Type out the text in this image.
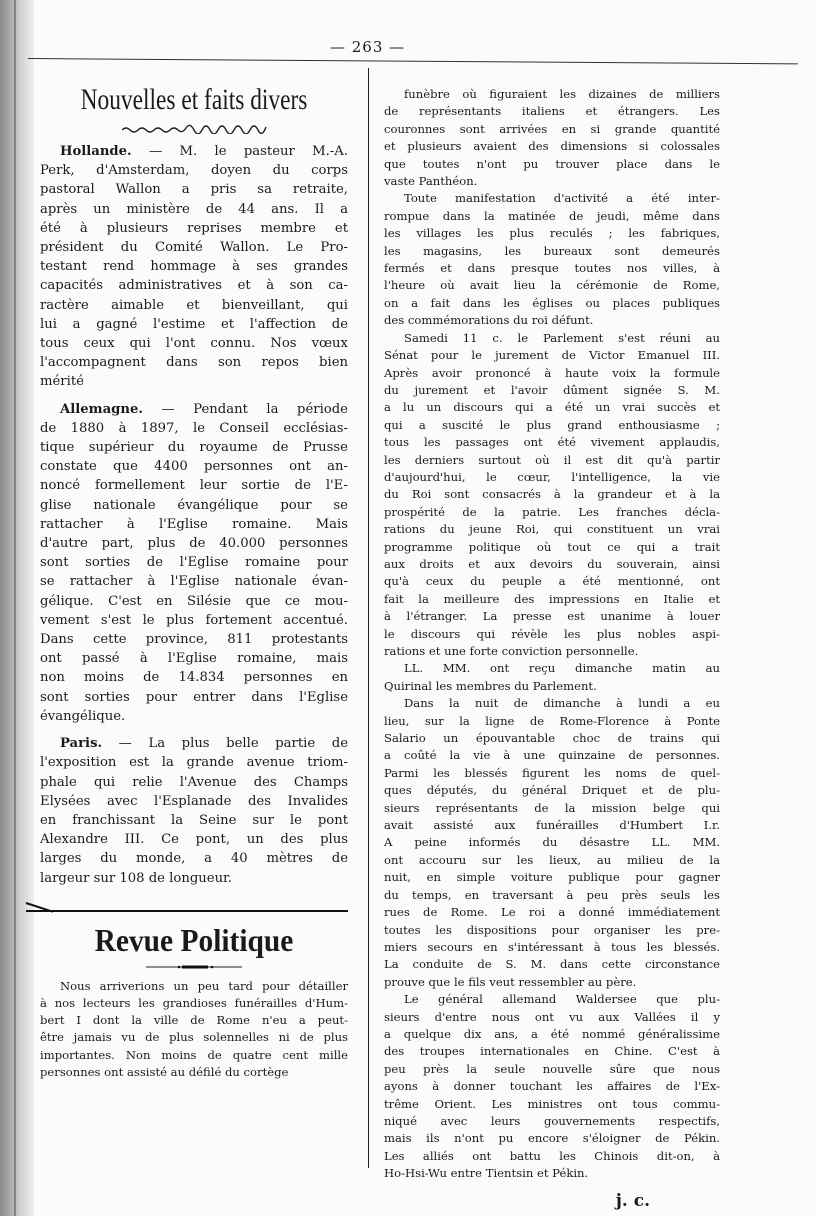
— 263 —
Nouvelles et faits divers
Hollande. — M. le pasteur M.-A.
Perk, d'Amsterdam, doyen du corps
pastoral Wallon a pris sa retraite,
après un ministère de 44 ans. Il a
été à plusieurs reprises membre et
président du Comité Wallon. Le Pro-
testant rend hommage à ses grandes
capacités administratives et à son ca-
ractère aimable et bienveillant, qui
lui a gagné l'estime et l'affection de
tous ceux qui l'ont connu. Nos vœux
l'accompagnent dans son repos bien
mérité
Allemagne. — Pendant la période
de 1880 à 1897, le Conseil ecclésias-
tique supérieur du royaume de Prusse
constate que 4400 personnes ont an-
noncé formellement leur sortie de l'E-
glise nationale évangélique pour se
rattacher à l'Eglise romaine. Mais
d'autre part, plus de 40.000 personnes
sont sorties de l'Eglise romaine pour
se rattacher à l'Eglise nationale évan-
gélique. C'est en Silésie que ce mou-
vement s'est le plus fortement accentué.
Dans cette province, 811 protestants
ont passé à l'Eglise romaine, mais
non moins de 14.834 personnes en
sont sorties pour entrer dans l'Eglise
évangélique.
Paris. — La plus belle partie de
l'exposition est la grande avenue triom-
phale qui relie l'Avenue des Champs
Elysées avec l'Esplanade des Invalides
en franchissant la Seine sur le pont
Alexandre III. Ce pont, un des plus
larges du monde, a 40 mètres de
largeur sur 108 de longueur.
Revue Politique
Nous arriverions un peu tard pour détailler
à nos lecteurs les grandioses funérailles d'Hum-
bert I dont la ville de Rome n'eu a peut-
être jamais vu de plus solennelles ni de plus
importantes. Non moins de quatre cent mille
personnes ont assisté au défilé du cortège
funèbre où figuraient les dizaines de milliers
de représentants italiens et étrangers. Les
couronnes sont arrivées en si grande quantité
et plusieurs avaient des dimensions si colossales
que toutes n'ont pu trouver place dans le
vaste Panthéon.
Toute manifestation d'activité a été inter-
rompue dans la matinée de jeudi, même dans
les villages les plus reculés ; les fabriques,
les magasins, les bureaux sont demeurés
fermés et dans presque toutes nos villes, à
l'heure où avait lieu la cérémonie de Rome,
on a fait dans les églises ou places publiques
des commémorations du roi défunt.
Samedi 11 c. le Parlement s'est réuni au
Sénat pour le jurement de Victor Emanuel III.
Après avoir prononcé à haute voix la formule
du jurement et l'avoir dûment signée S. M.
a lu un discours qui a été un vrai succès et
qui a suscité le plus grand enthousiasme ;
tous les passages ont été vivement applaudis,
les derniers surtout où il est dit qu'à partir
d'aujourd'hui, le cœur, l'intelligence, la vie
du Roi sont consacrés à la grandeur et à la
prospérité de la patrie. Les franches décla-
rations du jeune Roi, qui constituent un vrai
programme politique où tout ce qui a trait
aux droits et aux devoirs du souverain, ainsi
qu'à ceux du peuple a été mentionné, ont
fait la meilleure des impressions en Italie et
à l'étranger. La presse est unanime à louer
le discours qui révèle les plus nobles aspi-
rations et une forte conviction personnelle.
LL. MM. ont reçu dimanche matin au
Quirinal les membres du Parlement.
Dans la nuit de dimanche à lundi a eu
lieu, sur la ligne de Rome-Florence à Ponte
Salario un épouvantable choc de trains qui
a coûté la vie à une quinzaine de personnes.
Parmi les blessés figurent les noms de quel-
ques députés, du général Driquet et de plu-
sieurs représentants de la mission belge qui
avait assisté aux funérailles d'Humbert I.r.
A peine informés du désastre LL. MM.
ont accouru sur les lieux, au milieu de la
nuit, en simple voiture publique pour gagner
du temps, en traversant à peu près seuls les
rues de Rome. Le roi a donné immédiatement
toutes les dispositions pour organiser les pre-
miers secours en s'intéressant à tous les blessés.
La conduite de S. M. dans cette circonstance
prouve que le fils veut ressembler au père.
Le général allemand Waldersee que plu-
sieurs d'entre nous ont vu aux Vallées il y
a quelque dix ans, a été nommé généralissime
des troupes internationales en Chine. C'est à
peu près la seule nouvelle sûre que nous
ayons à donner touchant les affaires de l'Ex-
trême Orient. Les ministres ont tous commu-
niqué avec leurs gouvernements respectifs,
mais ils n'ont pu encore s'éloigner de Pékin.
Les alliés ont battu les Chinois dit-on, à
Ho-Hsi-Wu entre Tientsin et Pékin.
j. c.
